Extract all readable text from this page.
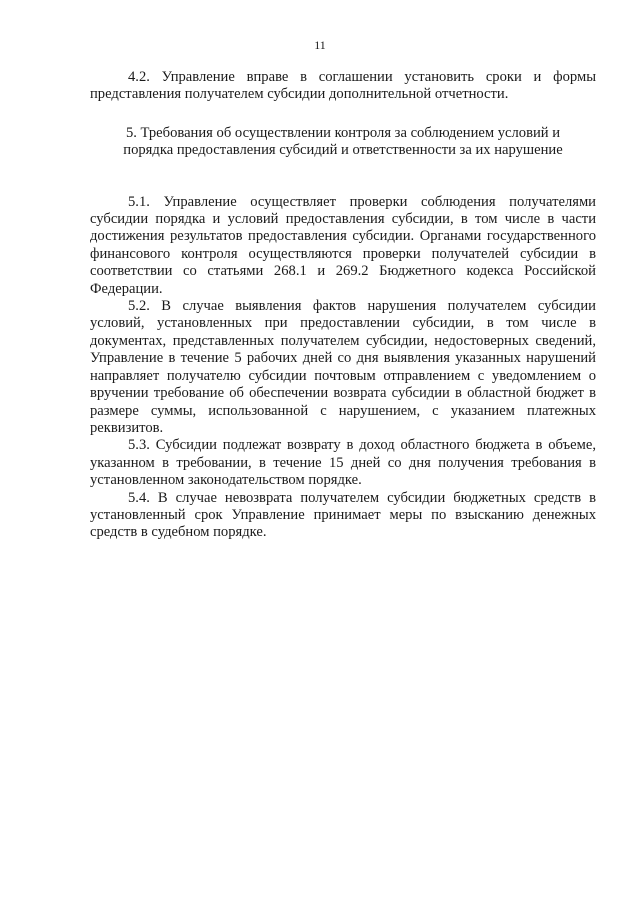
11

4.2. Управление вправе в соглашении установить сроки и формы представления получателем субсидии дополнительной отчетности.

5. Требования об осуществлении контроля за соблюдением условий и порядка предоставления субсидий и ответственности за их нарушение

5.1. Управление осуществляет проверки соблюдения получателями субсидии порядка и условий предоставления субсидии, в том числе в части достижения результатов предоставления субсидии. Органами государственного финансового контроля осуществляются проверки получателей субсидии в соответствии со статьями 268.1 и 269.2 Бюджетного кодекса Российской Федерации.

5.2. В случае выявления фактов нарушения получателем субсидии условий, установленных при предоставлении субсидии, в том числе в документах, представленных получателем субсидии, недостоверных сведений, Управление в течение 5 рабочих дней со дня выявления указанных нарушений направляет получателю субсидии почтовым отправлением с уведомлением о вручении требование об обеспечении возврата субсидии в областной бюджет в размере суммы, использованной с нарушением, с указанием платежных реквизитов.

5.3. Субсидии подлежат возврату в доход областного бюджета в объеме, указанном в требовании, в течение 15 дней со дня получения требования в установленном законодательством порядке.

5.4. В случае невозврата получателем субсидии бюджетных средств в установленный срок Управление принимает меры по взысканию денежных средств в судебном порядке.
